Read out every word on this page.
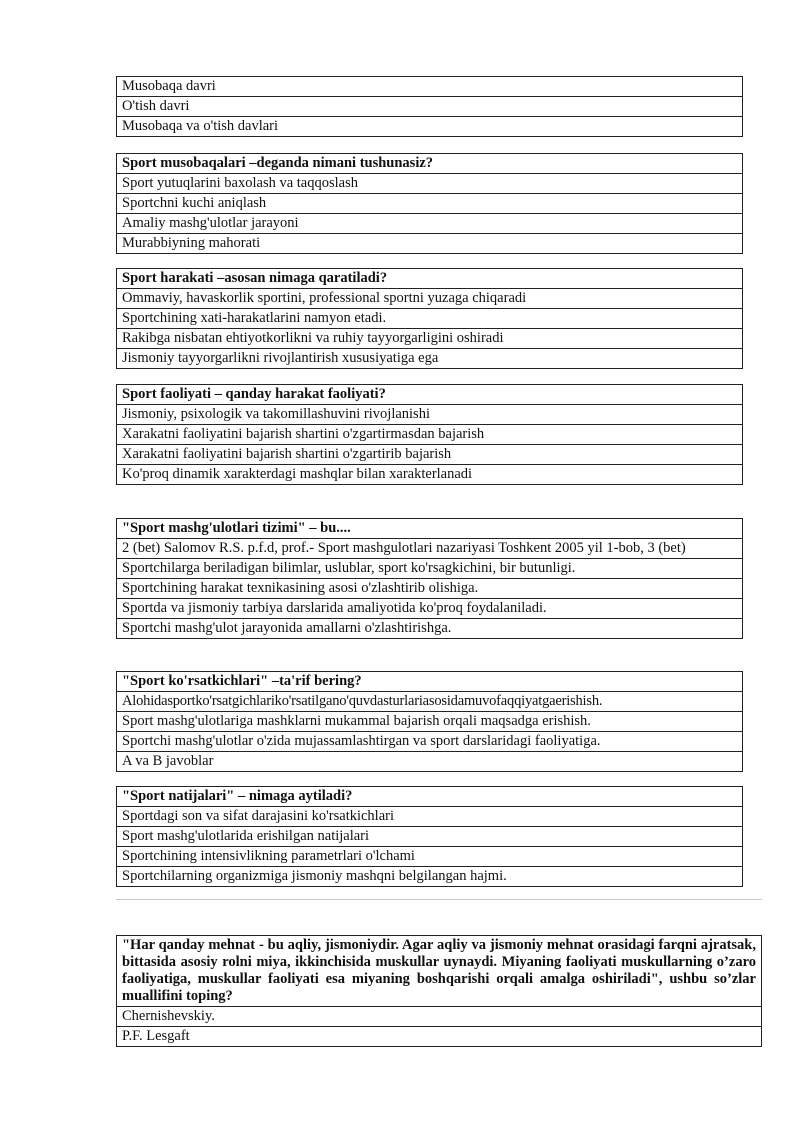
Musobaqa davri
O'tish davri
Musobaqa va o'tish davlari
Sport musobaqalari –deganda nimani tushunasiz?
Sport yutuqlarini baxolash va taqqoslash
Sportchni kuchi aniqlash
Amaliy mashg'ulotlar jarayoni
Murabbiyning mahorati
Sport harakati –asosan nimaga qaratiladi?
Ommaviy, havaskorlik sportini, professional sportni yuzaga chiqaradi
Sportchining xati-harakatlarini namyon etadi.
Rakibga nisbatan ehtiyotkorlikni va ruhiy tayyorgarligini oshiradi
Jismoniy tayyorgarlikni rivojlantirish xususiyatiga ega
Sport faoliyati – qanday harakat faoliyati?
Jismoniy, psixologik va takomillashuvini rivojlanishi
Xarakatni faoliyatini bajarish shartini o'zgartirmasdan bajarish
Xarakatni faoliyatini bajarish shartini o'zgartirib bajarish
Ko'proq dinamik xarakterdagi mashqlar bilan xarakterlanadi
"Sport mashg'ulotlari tizimi" – bu....
2 (bet) Salomov R.S. p.f.d, prof.- Sport mashgulotlari nazariyasi Toshkent 2005 yil 1-bob, 3 (bet)
Sportchilarga beriladigan bilimlar, uslublar, sport ko'rsagkichini, bir butunligi.
Sportchining harakat texnikasining asosi o'zlashtirib olishiga.
Sportda va jismoniy tarbiya darslarida amaliyotida ko'proq foydalaniladi.
Sportchi mashg'ulot jarayonida amallarni o'zlashtirishga.
"Sport ko'rsatkichlari" –ta'rif bering?
Alohidasportko'rsatgichlariko'rsatilgano'quvdasturlariasosidamuvofaqqiyatgaerishish.
Sport mashg'ulotlariga mashklarni mukammal bajarish orqali maqsadga erishish.
Sportchi mashg'ulotlar o'zida mujassamlashtirgan va sport darslaridagi faoliyatiga.
A va B javoblar
"Sport natijalari" – nimaga aytiladi?
Sportdagi son va sifat darajasini ko'rsatkichlari
Sport mashg'ulotlarida erishilgan natijalari
Sportchining intensivlikning parametrlari o'lchami
Sportchilarning organizmiga jismoniy mashqni belgilangan hajmi.
"Har qanday mehnat - bu aqliy, jismoniydir. Agar aqliy va jismoniy mehnat orasidagi farqni ajratsak, bittasida asosiy rolni miya, ikkinchisida muskullar uynaydi. Miyaning faoliyati muskullarning o’zaro faoliyatiga, muskullar faoliyati esa miyaning boshqarishi orqali amalga oshiriladi", ushbu so’zlar muallifini toping?
Chernishevskiy.
P.F. Lesgaft
